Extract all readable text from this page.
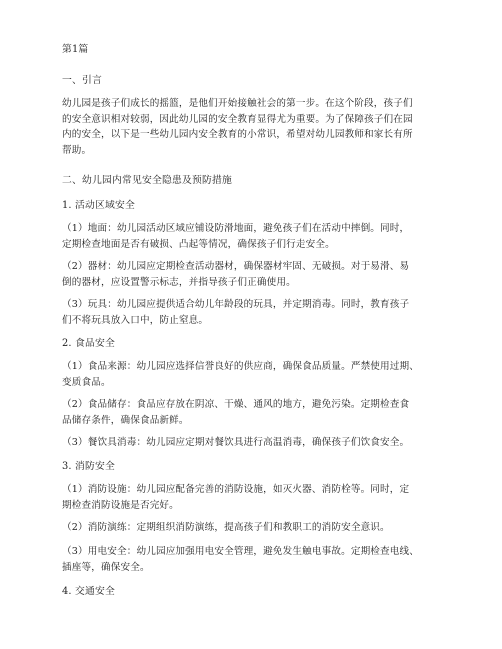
第1篇
一、引言
幼儿园是孩子们成长的摇篮，是他们开始接触社会的第一步。在这个阶段，孩子们
的安全意识相对较弱，因此幼儿园的安全教育显得尤为重要。为了保障孩子们在园
内的安全，以下是一些幼儿园内安全教育的小常识，希望对幼儿园教师和家长有所
帮助。
二、幼儿园内常见安全隐患及预防措施
1. 活动区域安全
（1）地面：幼儿园活动区域应铺设防滑地面，避免孩子们在活动中摔倒。同时，
定期检查地面是否有破损、凸起等情况，确保孩子们行走安全。
（2）器材：幼儿园应定期检查活动器材，确保器材牢固、无破损。对于易滑、易
倒的器材，应设置警示标志，并指导孩子们正确使用。
（3）玩具：幼儿园应提供适合幼儿年龄段的玩具，并定期消毒。同时，教育孩子
们不将玩具放入口中，防止窒息。
2. 食品安全
（1）食品来源：幼儿园应选择信誉良好的供应商，确保食品质量。严禁使用过期、
变质食品。
（2）食品储存：食品应存放在阴凉、干燥、通风的地方，避免污染。定期检查食
品储存条件，确保食品新鲜。
（3）餐饮具消毒：幼儿园应定期对餐饮具进行高温消毒，确保孩子们饮食安全。
3. 消防安全
（1）消防设施：幼儿园应配备完善的消防设施，如灭火器、消防栓等。同时，定
期检查消防设施是否完好。
（2）消防演练：定期组织消防演练，提高孩子们和教职工的消防安全意识。
（3）用电安全：幼儿园应加强用电安全管理，避免发生触电事故。定期检查电线、
插座等，确保安全。
4. 交通安全
